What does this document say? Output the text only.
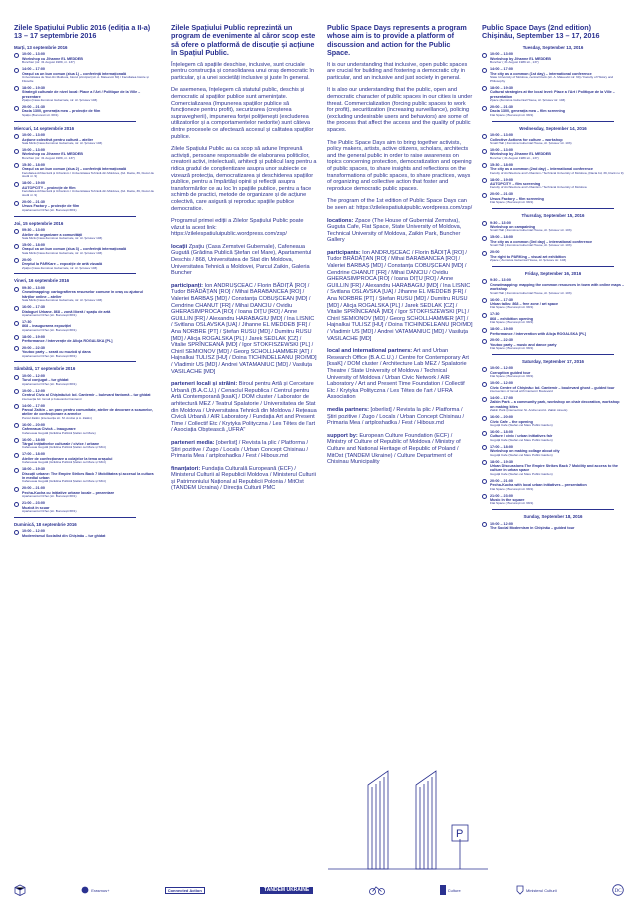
Zilele Spațiului Public 2016 (ediția a II-a) 13 – 17 septembrie 2016
Marți, 13 septembrie 2016
10:00 – 13:00
Workshop cu Jihanne EL MEDDEB
Bunchier (str. 31 August 1989, nr. 137)
14:00 – 17:00
Orașul ca un bun comun (ziua 1) – conferință internațională
Universitatea de Stat din Moldova, blocul principal (str. A. Mateevici 60) / Facultatea Istorie și Filosofie
18:00 – 19:30
Strategii culturale de nivel local: Place a l'Art / Politique de la Ville – prezentare
Zpaţiu (Casa Zemstvei Gubernale, str. Al. Şciusev 103)
20:00 – 21:30
Dacia 1300, generația mea – proiecție de film
Spațiu (Bucuresti str. 68/1)
Miercuri, 14 septembrie 2016
10:00 – 13:00
Acțiune colectivă pentru cultură – atelier
Sala Mică (Casa Zemstvei Gubernale, str. Al. Şciusev 103)
10:00 – 13:00
Workshop cu Jihanne EL MEDDEB
Bunchier (str. 31 August 1989, nr. 137)
15:30 – 18:00
Orașul ca un bun comun (ziua 2) – conferință internațională
Facultatea Arhitectură și Urbanism / Universitatea Tehnică din Moldova, (bd. Dacia, 39, blocul de studii nr. 9)
18:00 – 19:00
AUTOPCITY – proiecție de film
Facultatea Arhitectură și Urbanism / Universitatea Tehnică din Moldova, (bd. Dacia, 39, blocul de studii nr. 9)
20:00 – 21:30
Ursus Factory – proiecție de film
Apartamentul Orhei (str. București 68/1)
Joi, 15 septembrie 2016
09:30 – 13:00
Atelier de organizare a comunității
Sala Mică (Casa Zemstvei Gubernale, str. Al. Şciusev 103)
15:00 – 18:00
Orașul ca un bun comun (ziua 3) – conferință internațională
Sala Mică (Casa Zemstvei Gubernale, str. Al. Şciusev 103)
20:00
Dreptul la PARKare – expoziție de artă vizuală
Zpaţiu (Casa Zemstvei Gubernale, str. Al. Şciusev 103)
Vineri, 16 septembrie 2016
09:30 – 13:00
Crowdmapping: cartografierea resurselor comune în oraș cu ajutorul hărților online – atelier
Sala Mică (Casa Zemstvei Gubernale, str. Al. Şciusev 103)
16:00 – 17:30
Dialoguri Urbane. 868 – zonă liberă / spațiu de artă
Apartamentul Orhei (str. București 68/1)
17:30
868 – inaugurarea expoziției
Apartamentul Orhei (str. București 68/1)
18:00 – 19:00
Performance / intervenție de Alicja ROGALSKA [PL]
20:00 – 22:30
Youtoo party – seară cu muzică și dans
Apartamentul Orhei (str. București 68/1)
Sâmbătă, 17 septembrie 2016
10:00 – 12:00
Turul conjugat – tur ghidat
Apartamentul Orhei (str. București 68/1)
10:00 – 12:00
Centrul Civic al Chișinăului: bd. Cantemir – bulevard fantomă – tur ghidat
intersecția bd. Ismail și bulevardul Cantemir
14:00 – 17:00
Parcul Zaikin – un parc pentru comunitate, atelier de decorare a scaunelor, atelier de confecționare a armelor
Parcul Zaikin (intersecția str. Sf. Andrei și A. Zaikin)
16:00 – 20:00
Cafeneaua Civică – inaugurare
Cafeneaua Gugutã (Grădina Publică Ștefan cel Mare)
16:00 – 18:00
Târgul inițiativelor culturale / civice / urbane
Cafeneaua Gugutã (Grădina Publică Ștefan cel Mare și Sfînt)
17:00 – 18:00
Atelier de confecționare a colajelor la tema orașului
Cafeneaua Gugutã (Grădina Publică Ștefan cel Mare și Sfînt)
18:00 – 19:30
Discuții urbane: The Empire Strikes Back 7 Mobilitatea și accesul la cultura în mediul urban
Cafeneaua Gugutã (Grădina Publică Ștefan cel Mare și Sfînt)
20:00 – 21:00
Pecha-Kucha cu inițiative urbane locale – prezentare
Apartamentul Orhei (str. București 68/1)
21:00 – 23:00
Muzică în scuar
Apartamentul Orhei (str. București 68/1)
Duminică, 18 septembrie 2016
10:00 – 12:00
Modernismul Socialist din Chișinău – tur ghidat
Zilele Spațiului Public reprezintă un program de evenimente al căror scop este să ofere o platformă de discuție și acțiune în Spațiul Public.

Înțelegem că spațiile deschise, inclusive, sunt cruciale pentru construcția și consolidarea unui oraș democratic în particular, și a unei societăți inclusive și juste în general.

De asemenea, înțelegem că statutul public, deschis și democratic al spațiilor publice sunt amenințate. Comercializarea (împunerea spațiilor publice să funcționeze pentru profit), securizarea (creșterea supravegherii), impunerea forței polițienești (excluderea utilizatorilor și a comportamentelor nedorite) sunt câteva dintre procesele ce afectează accesul și calitatea spațiilor publice.

Zilele Spațiului Public au ca scop să adune împreună activiști, persoane responsabile de elaborarea politicilor, creatorii activi, intelectuali, arhitecți și publicul larg pentru a ridica gradul de conștientizare asupra unor subiecte ce vizează protecția, democratizarea și deschiderea spațiilor publice, pentru a împărtăși opinii și reflecții asupra transformărilor ce au loc în spațiile publice, pentru a face schimb de practici, metode de organizare și de acțiune colectivă, care asigură și reproduc spațiile publice democratice.

Programul primei ediții a Zilelor Spațiului Public poate văzut la acest link: https://zilelespatiuluipublic.wordpress.com/zsp/

locații Zpaţiu (Casa Zemstvei Gubernale), Cafeneaua Gugutã (Grădina Publică Ștefan cel Mare), Apartamentul Deschis / 868, Universitatea de Stat din Moldova, Universitatea Tehnică a Moldovei, Parcul Zaikin, Galeria Buncher

participanți: Ion ANDRUȘCEAC / Florin BĂDIȚĂ [RO] / Tudor BRĂDĂȚAN [RO] / Mihai BARABANCEA [RO] / Valeriei BARBAȘ [MD] / Constanța COBUȘCEAN [MD] / Cendrine CHANUT [FR] / Mihai DANCIU / Ovidiu GHERASIMPROCA [RO] / Ioana DIȚU [RO] / Anne GUILLIN [FR] / Alexandru HARABAGIU [MD] / Ina LISNIC / Svitlana OSLAVSKA [UA] / Jihanne EL MEDDEB [FR] / Ana NORBRE [PT] / Ștefan RUSU [MD] / Dumitru RUSU [MD] / Alicja ROGALSKA [PL] / Jarek SEDLAK [CZ] / Vitalie SPRÎNCEANĂ [MD] / Igor STOKFISZEWSKI [PL] / Chiril SEMIONOV [MD] / Georg SCHOLLHAMMER [AT] / Hajnalkai TULISZ [HU] / Doina TICHINDELEANU [RO/MD] / Vladimir US [MD] / Andrei VATAMANIUC [MD] / Vasiluța VASILACHE [MD]

parteneri locali și străini: Biroul pentru Artă și Cercetare Urbană (B.A.C.U.) / Cenaclul Republica / Centrul pentru Artă Contemporană [ksaK] / DOM cluster / Laborator de arhitectură MEZ / Teatrul Spalatorie / Universitatea de Stat din Moldova / Universitatea Tehnică din Moldova / Rețeaua Civică Urbană / AIR Laboratory / Fundația Art and Present Time / Collectif Etc / Krytyka Polityczna / Les Têtes de l'art / Asociația Obștească „UFRA"

parteneri media: [oberlist] / Revista la plic / Platforma / Știri pozitive / Zugo / Locals / Urban Concept Chisinau / Primaria Mea / artploshadka / Fest / Hiboux.md

finanțatori: Fundația Culturală Europeană (ECF) / Ministerul Culturii al Republicii Moldova / Ministerul Culturii și Patrimoniului Național al Republicii Polonia / MitOst (TANDEM Ucraina) / Direcția Culturii PMC

Public Space Days represents a program whose aim is to provide a platform of discussion and action for the Public Space.

It is our understanding that inclusive, open public spaces are crucial for building and fostering a democratic city in particular, and an inclusive and just society in general.

It is also our understanding that the public, open and democratic character of public spaces in our cities is under threat. Commercialization (forcing public spaces to work for profit), securitization (increasing surveillance), policing (excluding undesirable users and behaviors) are some of the process that affect the access and the quality of public spaces.

The Public Space Days aim to bring together activists, policy makers, artists, active citizens, scholars, architects and the general public in order to raise awareness on topics concerning protection, democratization and opening of public spaces, to share insights and reflections on the transformations of public spaces, to share practices, ways of organizing and collective action that foster and reproduce democratic public spaces.

The program of the 1st edition of Public Space Days can be seen at: https://zilelespatiuluipublic.wordpress.com/zsp/

locations: Zpace (The House of Gubernial Zemstva), Guguta Cafe, Flat Space, State University of Moldova, Technical University of Moldova, Zaikin Park, Buncher Gallery

participants: Ion ANDRUȘCEAC / Florin BĂDIȚĂ [RO] / Tudor BRĂDĂȚAN [RO] / Mihai BARABANCEA [RO] / Valeriei BARBAȘ [MD] / Constanța COBUȘCEAN [MD] / Cendrine CHANUT [FR] / Mihai DANCIU / Ovidiu GHERASIMPROCA [RO] / Ioana DIȚU [RO] / Anne GUILLIN [FR] / Alexandru HARABAGIU [MD] / Ina LISNIC / Svitlana OSLAVSKA [UA] / Jihanne EL MEDDEB [FR] / Ana NORBRE [PT] / Ștefan RUSU [MD] / Dumitru RUSU [MD] / Alicja ROGALSKA [PL] / Jarek SEDLAK [CZ] / Vitalie SPRÎNCEANĂ [MD] / Igor STOKFISZEWSKI [PL] / Chiril SEMIONOV [MD] / Georg SCHOLLHAMMER [AT] / Hajnalkai TULISZ [HU] / Doina TICHINDELEANU [RO/MD] / Vladimir US [MD] / Andrei VATAMANIUC [MD] / Vasiluța VASILACHE [MD]

local and international partners: Art and Urban Research Office (B.A.C.U.) / Centre for Contemporary Art [ksaK] / DOM cluster / Architecture Lab MEZ / Spalatorie Theatre / State University of Moldova / Technical University of Moldova / Urban Civic Network / AIR Laboratory / Art and Present Time Foundation / Collectif Etc / Krytyka Polityczna / Les Têtes de l'art / UFRA Association

media partners: [oberlist] / Revista la plic / Platforma / Știri pozitive / Zugo / Locals / Urban Concept Chisinau / Primaria Mea / artploshadka / Fest / Hiboux.md

support by: European Culture Foundation (ECF) / Ministry of Culture of Republic of Moldova / Ministry of Culture and National Heritage of Republic of Poland / MitOst (TANDEM Ukraine) / Culture Department of Chisinau Municipality

P
Public Space Days (2nd edition) Chișinău, September 13 – 17, 2016
Tuesday, September 13, 2016
10:00 – 13:00
Workshop by Jihanne EL MEDDEB
Buncher ( 31 August 1989 str., 137)
14:00 – 17:00
The city as a common (1st day) – international conference
State University of Moldova, central block (str. A. Mateevici str. 60) / Faculty of History and Philosophy
18:00 – 19:30
Cultural strategies at the local level: Place a l'Art / Politique de la Ville – presentation
Zpace (Zemstva Gubernial House, Al. Șciusev str. 103)
20:00 – 21:30
Dacia 1300, generația mea – film screening
Flat Space ( București str. 68/1)
Wednesday, September 14, 2016
10:00 – 13:00
Collective Actions for culture – workshop
Small Hall ( Zemstva Gubernial House, Al. Șciusev str. 103)
10:00 – 13:00
Workshop by Jihanne EL MEDDEB
Buncher ( 31 August 1989 str., 137)
15:30 – 18:00
The city as a common (2nd day) – international conference
Faculty of Architecture and Urbanism / Technical University of Moldova, (Dacia bd, 39, block no 9)
18:00 – 19:00
AUTOPCITY – film screening
Faculty of Architecture and Urbanism / Technical University of Moldova
20:00 – 21:30
Ursus Factory – film screening
Flat Space ( București str. 68/1)
Thursday, September 15, 2016
9:30 – 13:00
Workshop on campaining
Small Hall ( Zemstva Gubernial House, Al. Șciusev str. 103)
15:00 – 18:00
The city as a common (3rd day) – international conference
Small Hall ( Zemstva Gubernial House, Al. Șciusev str. 103)
20:00
The right to PARKing – visual art exhibition
Zpace ( Zemstva Gubernial House, Al. Șciusev str. 103)
Friday, September 16, 2016
9:30 – 13:00
Crowdmapping: mapping the common resources in town with online maps – workshop
Small Hall ( Zemstva Gubernial House, Al. Șciusev str. 103)
16:00 – 17:30
Urban talks: 868 – free zone / art space
Flat Space ( București str. 68/1)
17:30
868 – exhibition opening
Flat Space ( București str. 68/1)
18:00 – 19:00
Performance / intervention with Alicja ROGALSKA [PL]
20:00 – 22:30
Youtoo party – music and dance party
Flat Space ( București str. 68/1)
Saturday, September 17, 2016
10:00 – 12:00
Corruption guided tour
Flat Space ( București str. 68/1)
10:00 – 12:00
Civic Centre of Chișinău: bd. Cantemir – boulevard ghost – guided tour
intersection of Ismail with Cantemir Boulevard
14:00 – 17:00
Zaikin Park – a community park, workshop on chair decoration, workshop on making kites
Zaikin Park (intersection St. Andrei and A. Zaikin streets)
16:00 – 20:00
Civic Cafe – the opening
Guguță Cafe (Stefan cel Mare Public Garden)
16:00 – 18:00
Culture / civic / urban initiatives fair
Guguță Cafe (Stefan cel Mare Public Garden)
17:00 – 18:00
Workshop on making collage about city
Guguță Cafe (Stefan cel Mare Public Garden)
18:00 – 19:30
Urban Discussions:The Empire Strikes Back 7 Mobility and access to the culture in urban space
Guguță Cafe (Stefan cel Mare Public Garden)
20:00 – 21:00
Pecha-Kucha with local urban initiatives – presentation
Flat Space ( București str. 68/1)
21:00 – 23:00
Music in the square
Flat Space ( București str. 68/1)
Sunday, September 18, 2016
10:00 – 12:00
The Social Modernism in Chișinău – guided tour
Erasmus+	Connected Action	TANDEM UKRAINE	Culture	Ministerul Culturii	DC
